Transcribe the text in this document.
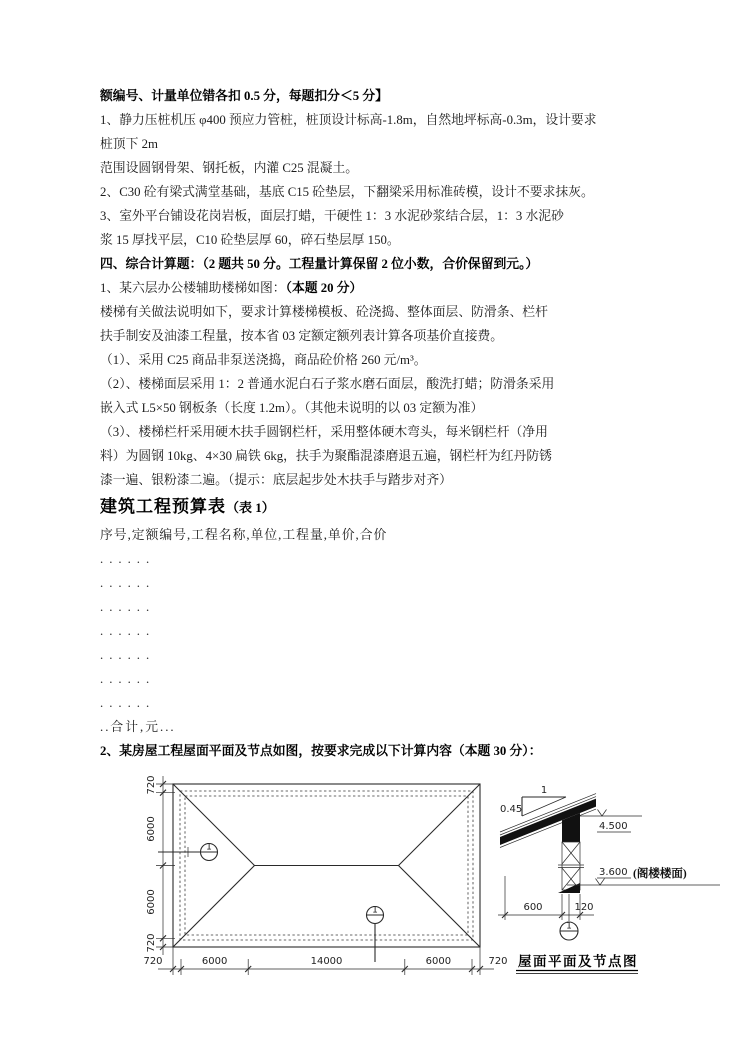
额编号、计量单位错各扣 0.5 分，每题扣分＜5 分】

1、静力压桩机压 φ400 预应力管桩，桩顶设计标高-1.8m，自然地坪标高-0.3m，设计要求

桩顶下 2m

范围设圆钢骨架、钢托板，内灌 C25 混凝土。

2、C30 砼有梁式满堂基础，基底 C15 砼垫层，下翻梁采用标准砖模，设计不要求抹灰。

3、室外平台铺设花岗岩板，面层打蜡，干硬性 1：3 水泥砂浆结合层，1：3 水泥砂

浆 15 厚找平层，C10 砼垫层厚 60，碎石垫层厚 150。

四、综合计算题：（2 题共 50 分。工程量计算保留 2 位小数，合价保留到元。）

1、某六层办公楼辅助楼梯如图：（本题 20 分）

楼梯有关做法说明如下，要求计算楼梯模板、砼浇捣、整体面层、防滑条、栏杆

扶手制安及油漆工程量，按本省 03 定额定额列表计算各项基价直接费。

（1）、采用 C25 商品非泵送浇捣，商品砼价格 260 元/m³。

（2）、楼梯面层采用 1：2 普通水泥白石子浆水磨石面层，酸洗打蜡；防滑条采用

嵌入式 L5×50 钢板条（长度 1.2m）。（其他未说明的以 03 定额为准）

（3）、楼梯栏杆采用硬木扶手圆钢栏杆，采用整体硬木弯头，每米钢栏杆（净用

料）为圆钢 10kg、4×30 扁铁 6kg，扶手为聚酯混漆磨退五遍，钢栏杆为红丹防锈

漆一遍、银粉漆二遍。（提示：底层起步处木扶手与踏步对齐）

建筑工程预算表（表 1）

序号,定额编号,工程名称,单位,工程量,单价,合价

......

......

......

......

......

......

......

..合计,元...

2、某房屋工程屋面平面及节点如图，按要求完成以下计算内容（本题 30 分）：

720
6000
6000
720
720	6000	14000	6000	720
1
1
1
0.45
4.500
3.600 (阁楼楼面)
600	120
1
屋面平面及节点图
